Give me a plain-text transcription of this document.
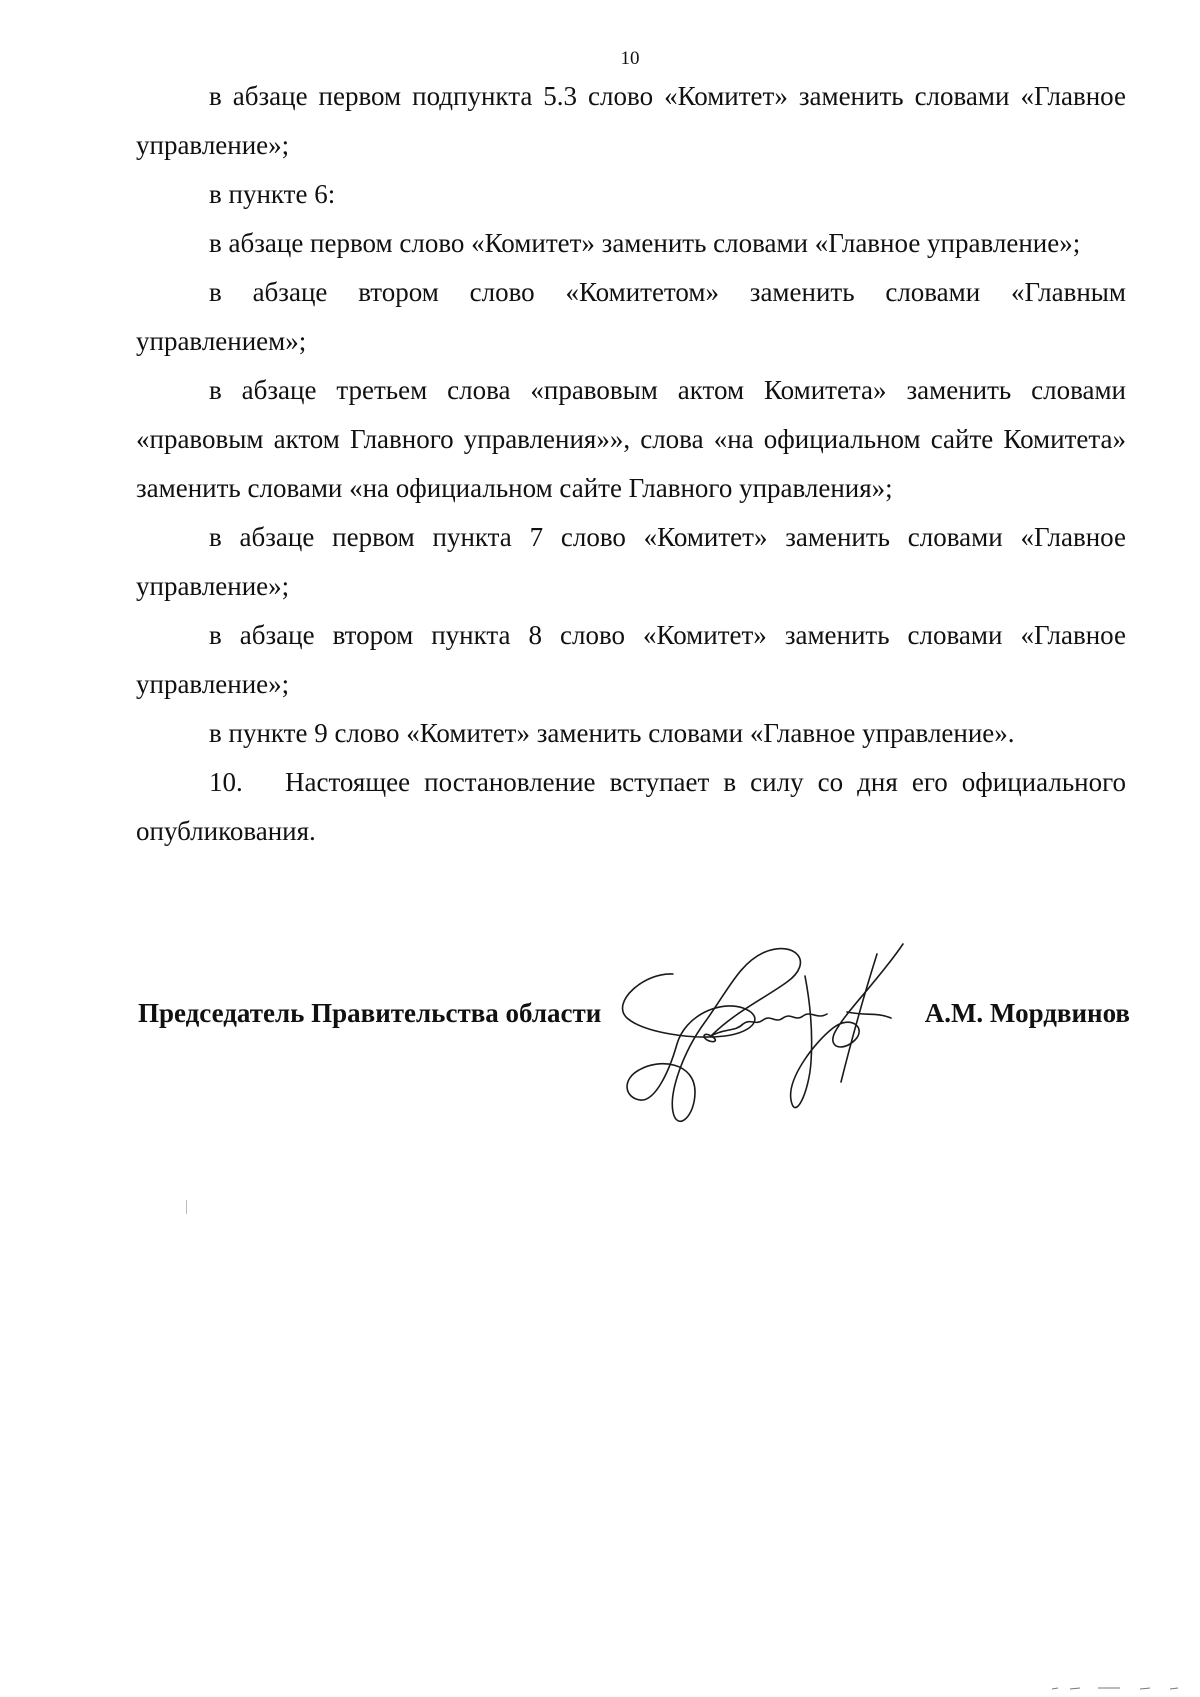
10

в абзаце первом подпункта 5.3 слово «Комитет» заменить словами «Главное управление»;

в пункте 6:

в абзаце первом слово «Комитет» заменить словами «Главное управление»;

в абзаце втором слово «Комитетом» заменить словами «Главным управлением»;

в абзаце третьем слова «правовым актом Комитета» заменить словами «правовым актом Главного управления»», слова «на официальном сайте Комитета» заменить словами «на официальном сайте Главного управления»;

в абзаце первом пункта 7 слово «Комитет» заменить словами «Главное управление»;

в абзаце втором пункта 8 слово «Комитет» заменить словами «Главное управление»;

в пункте 9 слово «Комитет» заменить словами «Главное управление».

10.	Настоящее постановление вступает в силу со дня его официального

опубликования.

Председатель Правительства области	А.М. Мордвинов
